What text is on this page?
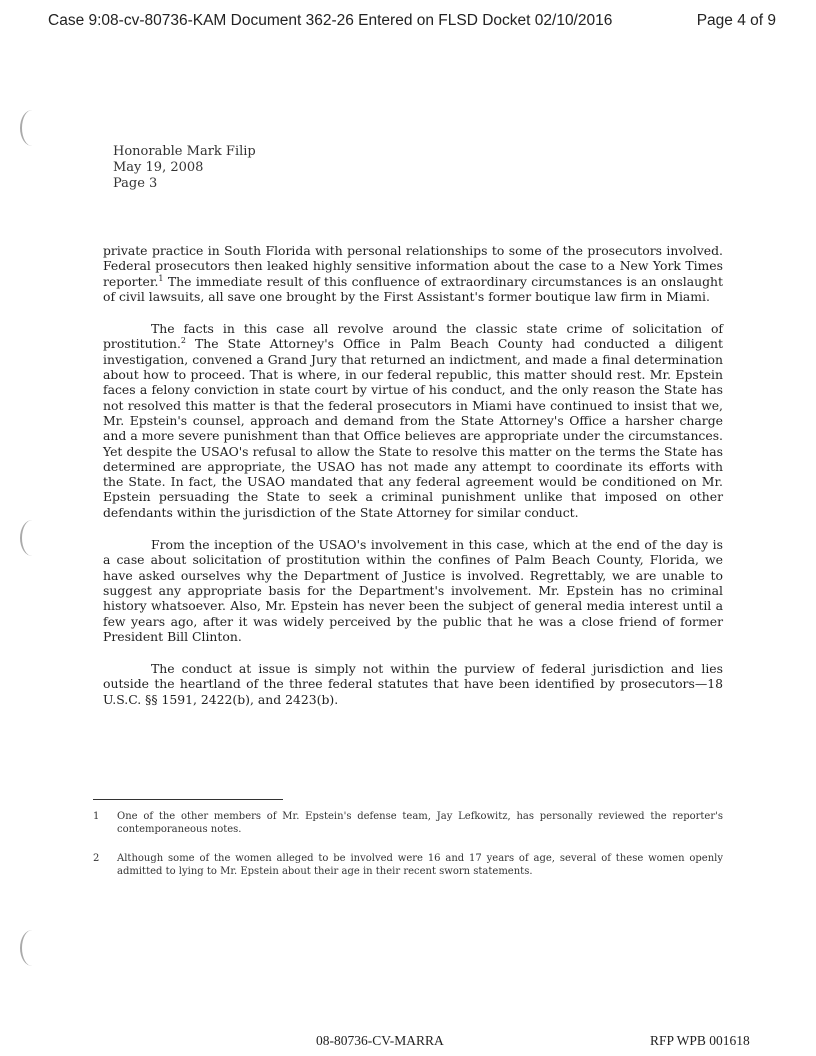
Case 9:08-cv-80736-KAM Document 362-26 Entered on FLSD Docket 02/10/2016	Page 4 of 9
Honorable Mark Filip
May 19, 2008
Page 3

private practice in South Florida with personal relationships to some of the prosecutors involved. Federal prosecutors then leaked highly sensitive information about the case to a New York Times reporter.$^1$ The immediate result of this confluence of extraordinary circumstances is an onslaught of civil lawsuits, all save one brought by the First Assistant's former boutique law firm in Miami.

The facts in this case all revolve around the classic state crime of solicitation of prostitution.$^2$ The State Attorney's Office in Palm Beach County had conducted a diligent investigation, convened a Grand Jury that returned an indictment, and made a final determination about how to proceed. That is where, in our federal republic, this matter should rest. Mr. Epstein faces a felony conviction in state court by virtue of his conduct, and the only reason the State has not resolved this matter is that the federal prosecutors in Miami have continued to insist that we, Mr. Epstein's counsel, approach and demand from the State Attorney's Office a harsher charge and a more severe punishment than that Office believes are appropriate under the circumstances. Yet despite the USAO's refusal to allow the State to resolve this matter on the terms the State has determined are appropriate, the USAO has not made any attempt to coordinate its efforts with the State. In fact, the USAO mandated that any federal agreement would be conditioned on Mr. Epstein persuading the State to seek a criminal punishment unlike that imposed on other defendants within the jurisdiction of the State Attorney for similar conduct.

From the inception of the USAO's involvement in this case, which at the end of the day is a case about solicitation of prostitution within the confines of Palm Beach County, Florida, we have asked ourselves why the Department of Justice is involved. Regrettably, we are unable to suggest any appropriate basis for the Department's involvement. Mr. Epstein has no criminal history whatsoever. Also, Mr. Epstein has never been the subject of general media interest until a few years ago, after it was widely perceived by the public that he was a close friend of former President Bill Clinton.

The conduct at issue is simply not within the purview of federal jurisdiction and lies outside the heartland of the three federal statutes that have been identified by prosecutors—18 U.S.C. §§ 1591, 2422(b), and 2423(b).

1	One of the other members of Mr. Epstein's defense team, Jay Lefkowitz, has personally reviewed the reporter's contemporaneous notes.
2	Although some of the women alleged to be involved were 16 and 17 years of age, several of these women openly admitted to lying to Mr. Epstein about their age in their recent sworn statements.
08-80736-CV-MARRA	RFP WPB 001618
